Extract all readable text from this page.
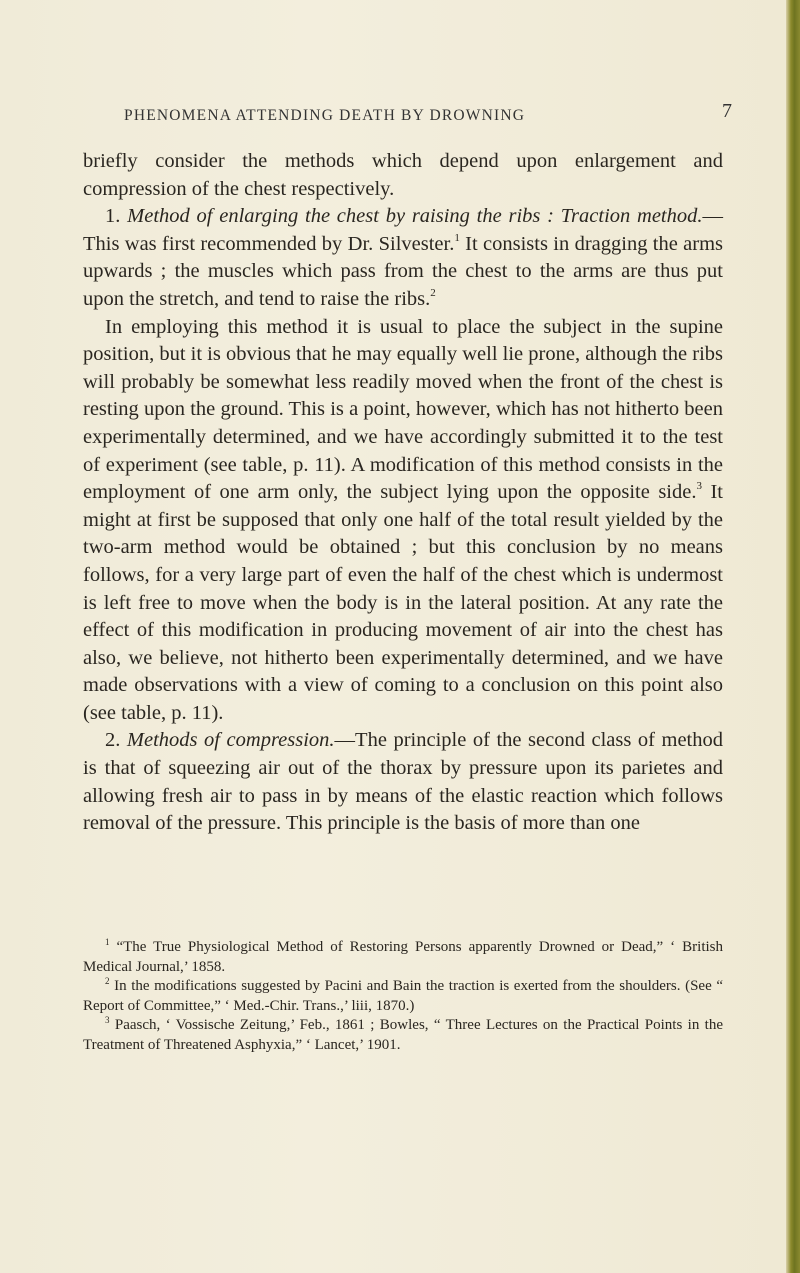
PHENOMENA ATTENDING DEATH BY DROWNING	7

briefly consider the methods which depend upon enlargement and compression of the chest respectively.

1. Method of enlarging the chest by raising the ribs : Traction method.—This was first recommended by Dr. Silvester.$^1$ It consists in dragging the arms upwards ; the muscles which pass from the chest to the arms are thus put upon the stretch, and tend to raise the ribs.$^2$

In employing this method it is usual to place the subject in the supine position, but it is obvious that he may equally well lie prone, although the ribs will probably be somewhat less readily moved when the front of the chest is resting upon the ground. This is a point, however, which has not hitherto been experimentally determined, and we have accordingly submitted it to the test of experiment (see table, p. 11). A modification of this method consists in the employment of one arm only, the subject lying upon the opposite side.$^3$ It might at first be supposed that only one half of the total result yielded by the two-arm method would be obtained ; but this conclusion by no means follows, for a very large part of even the half of the chest which is undermost is left free to move when the body is in the lateral position. At any rate the effect of this modification in producing movement of air into the chest has also, we believe, not hitherto been experimentally determined, and we have made observations with a view of coming to a conclusion on this point also (see table, p. 11).

2. Methods of compression.—The principle of the second class of method is that of squeezing air out of the thorax by pressure upon its parietes and allowing fresh air to pass in by means of the elastic reaction which follows removal of the pressure. This principle is the basis of more than one

$^1$ “The True Physiological Method of Restoring Persons apparently Drowned or Dead,” ‘ British Medical Journal,’ 1858.

$^2$ In the modifications suggested by Pacini and Bain the traction is exerted from the shoulders. (See “ Report of Committee,” ‘ Med.-Chir. Trans.,’ liii, 1870.)

$^3$ Paasch, ‘ Vossische Zeitung,’ Feb., 1861 ; Bowles, “ Three Lectures on the Practical Points in the Treatment of Threatened Asphyxia,” ‘ Lancet,’ 1901.
